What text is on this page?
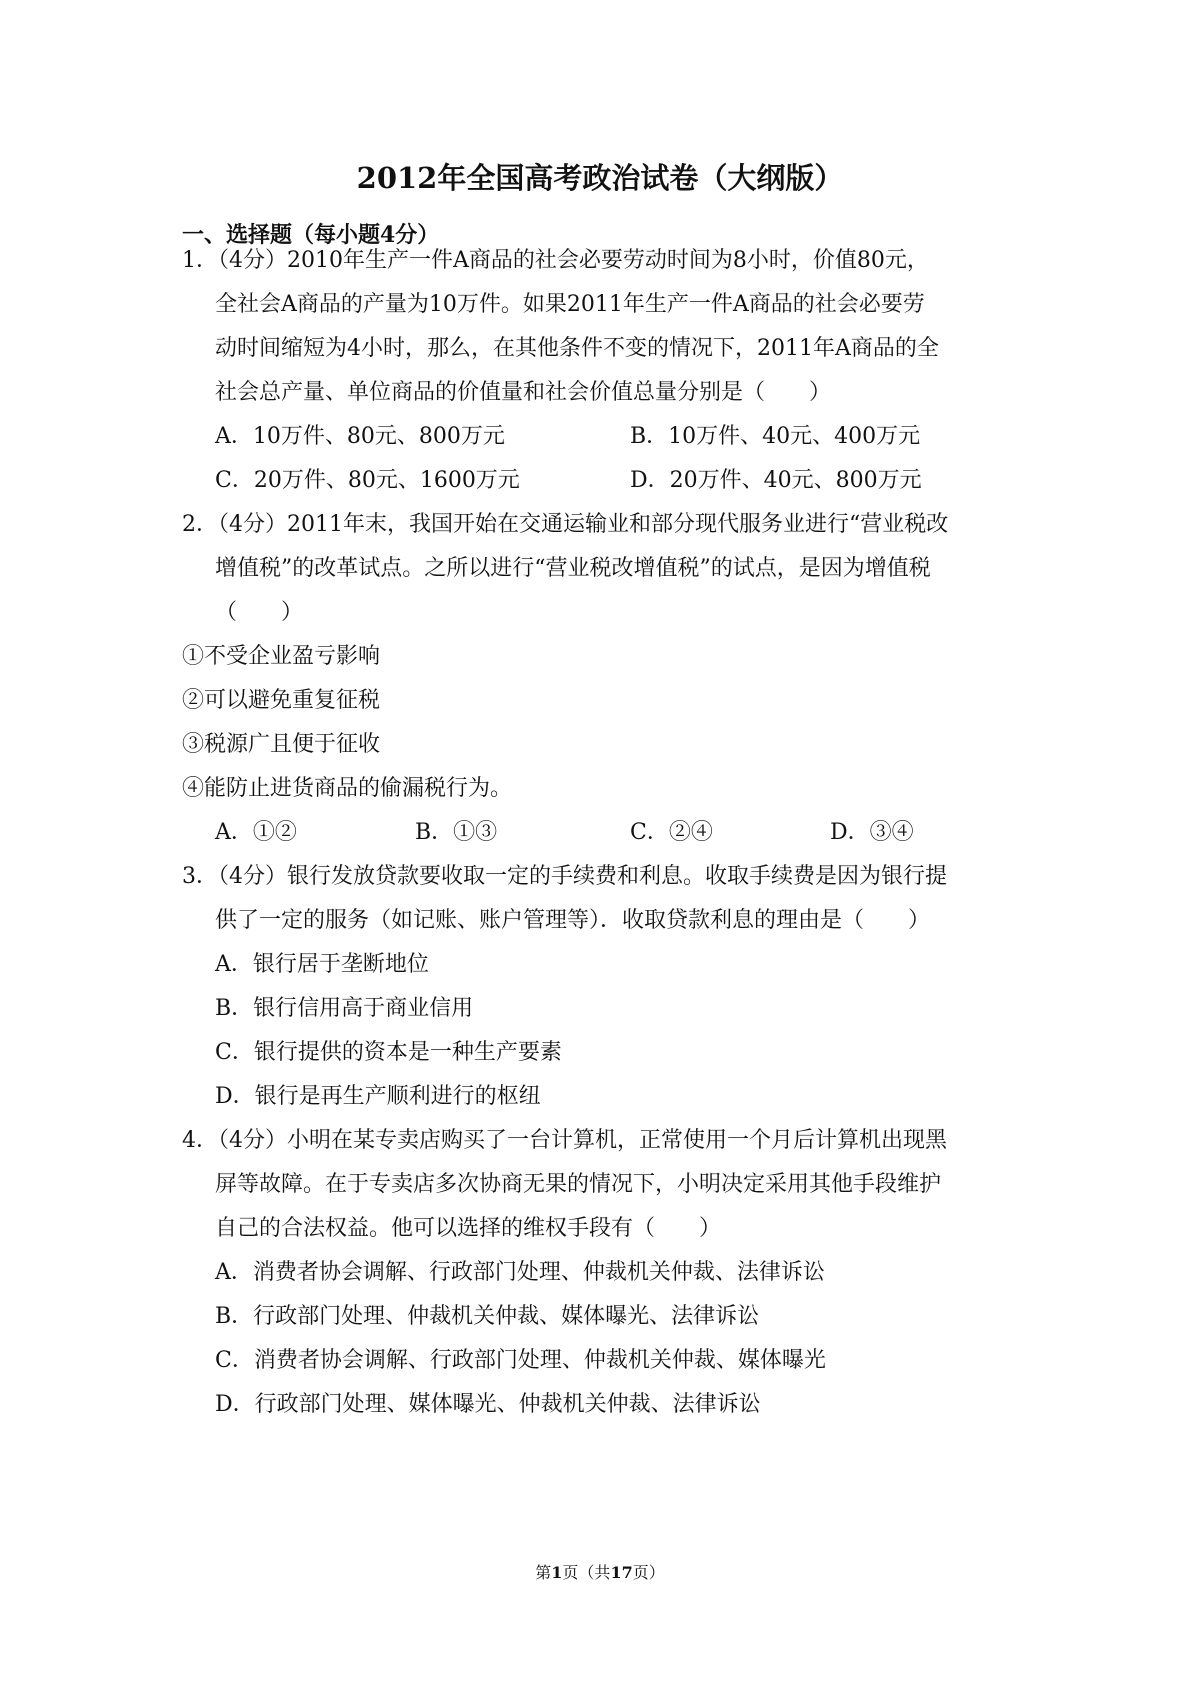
2012年全国高考政治试卷（大纲版）
一、选择题（每小题4分）
1．（4分）2010年生产一件A商品的社会必要劳动时间为8小时，价值80元，
全社会A商品的产量为10万件。如果2011年生产一件A商品的社会必要劳
动时间缩短为4小时，那么，在其他条件不变的情况下，2011年A商品的全
社会总产量、单位商品的价值量和社会价值总量分别是（　　）
A．10万件、80元、800万元	B．10万件、40元、400万元
C．20万件、80元、1600万元	D．20万件、40元、800万元
2．（4分）2011年末，我国开始在交通运输业和部分现代服务业进行“营业税改
增值税”的改革试点。之所以进行“营业税改增值税”的试点，是因为增值税
（　　）
①不受企业盈亏影响
②可以避免重复征税
③税源广且便于征收
④能防止进货商品的偷漏税行为。
A．①②	B．①③	C．②④	D．③④
3．（4分）银行发放贷款要收取一定的手续费和利息。收取手续费是因为银行提
供了一定的服务（如记账、账户管理等）．收取贷款利息的理由是（　　）
A．银行居于垄断地位
B．银行信用高于商业信用
C．银行提供的资本是一种生产要素
D．银行是再生产顺利进行的枢纽
4．（4分）小明在某专卖店购买了一台计算机，正常使用一个月后计算机出现黑
屏等故障。在于专卖店多次协商无果的情况下，小明决定采用其他手段维护
自己的合法权益。他可以选择的维权手段有（　　）
A．消费者协会调解、行政部门处理、仲裁机关仲裁、法律诉讼
B．行政部门处理、仲裁机关仲裁、媒体曝光、法律诉讼
C．消费者协会调解、行政部门处理、仲裁机关仲裁、媒体曝光
D．行政部门处理、媒体曝光、仲裁机关仲裁、法律诉讼
第1页（共17页）
